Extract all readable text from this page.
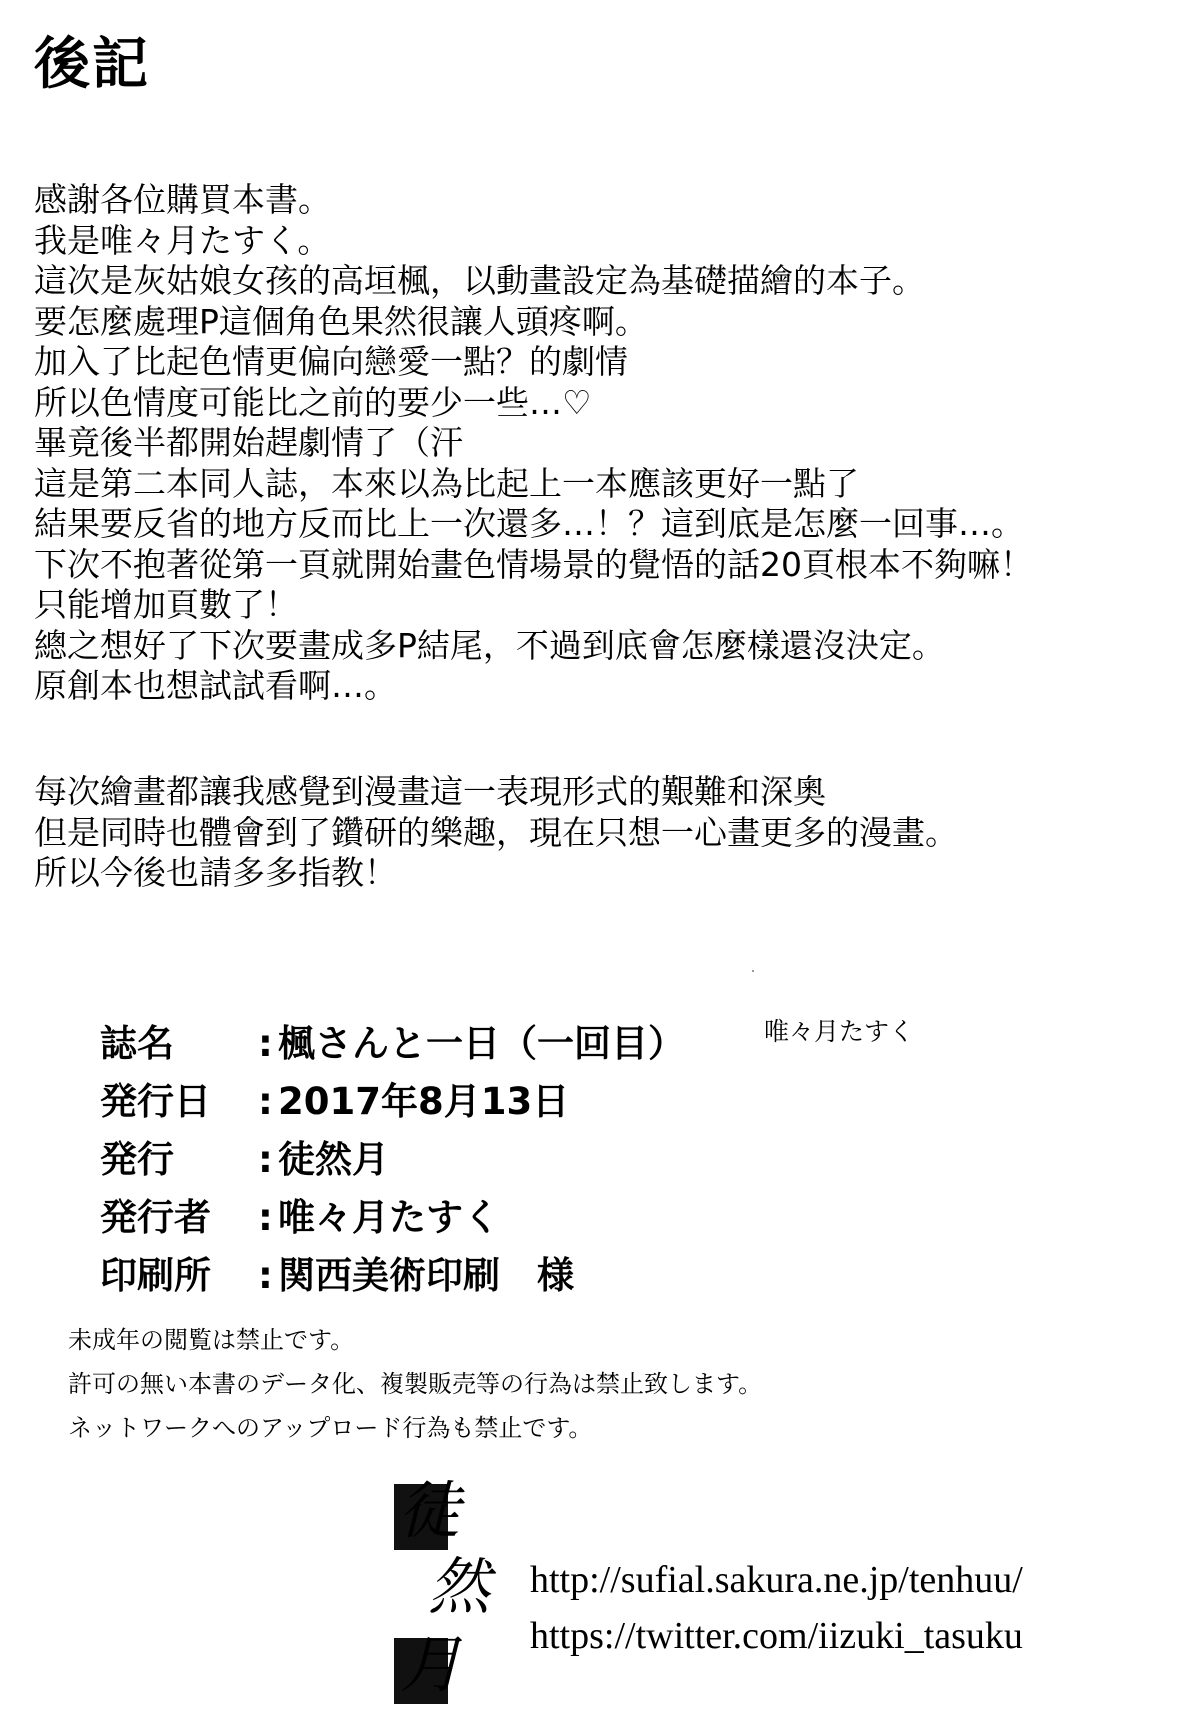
後記
感謝各位購買本書。
我是唯々月たすく。
這次是灰姑娘女孩的高垣楓，以動畫設定為基礎描繪的本子。
要怎麼處理P這個角色果然很讓人頭疼啊。
加入了比起色情更偏向戀愛一點？的劇情
所以色情度可能比之前的要少一些…♡
畢竟後半都開始趕劇情了（汗
這是第二本同人誌，本來以為比起上一本應該更好一點了
結果要反省的地方反而比上一次還多…！？這到底是怎麼一回事…。
下次不抱著從第一頁就開始畫色情場景的覺悟的話20頁根本不夠嘛！
只能增加頁數了！
總之想好了下次要畫成多P結尾，不過到底會怎麼樣還沒決定。
原創本也想試試看啊…。
每次繪畫都讓我感覺到漫畫這一表現形式的艱難和深奧
但是同時也體會到了鑽研的樂趣，現在只想一心畫更多的漫畫。
所以今後也請多多指教！
誌名 : 楓さんと一日（一回目）
発行日 : 2017年8月13日
発行 : 徒然月
発行者 : 唯々月たすく
印刷所 : 関西美術印刷　様
唯々月たすく
未成年の閲覧は禁止です。
許可の無い本書のデータ化、複製販売等の行為は禁止致します。
ネットワークへのアップロード行為も禁止です。
徒
然
月
http://sufial.sakura.ne.jp/tenhuu/
https://twitter.com/iizuki_tasuku
